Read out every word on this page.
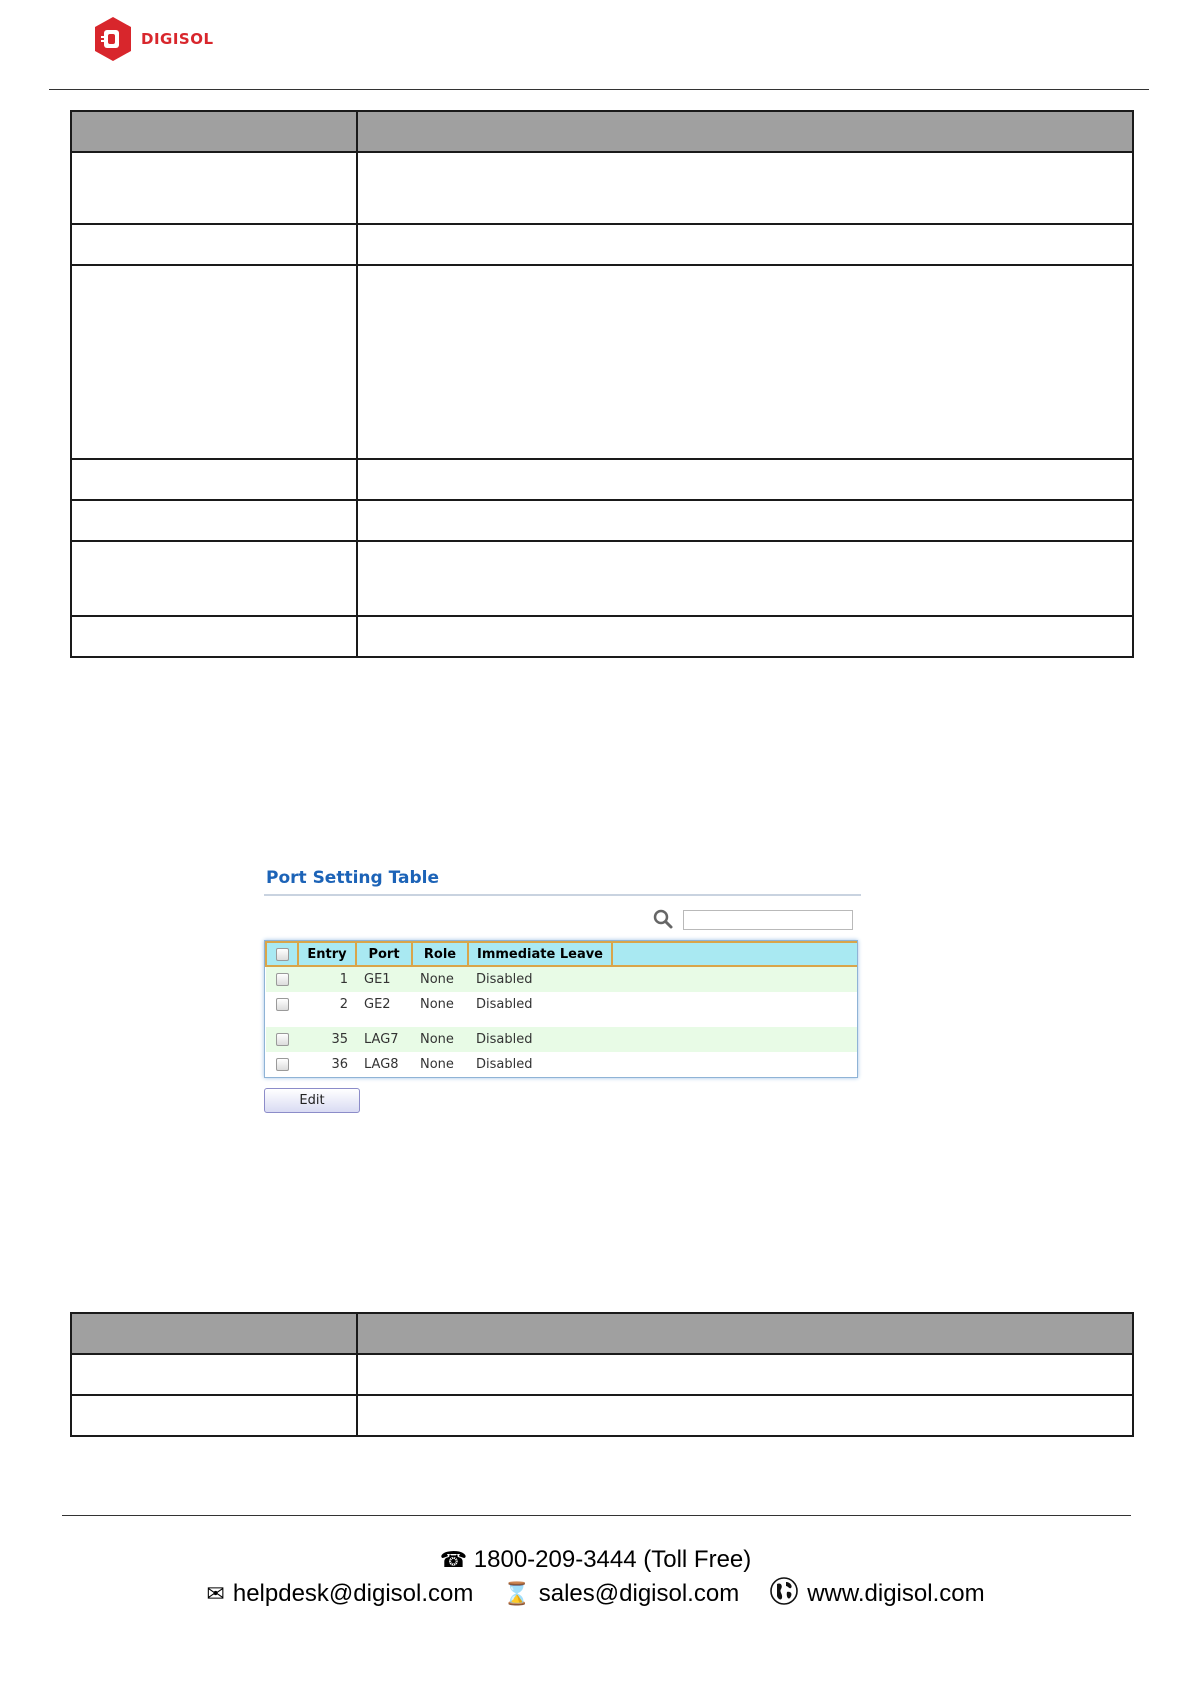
DIGISOL

Port Setting Table
	Entry	Port	Role	Immediate Leave	
	1	GE1	None	Disabled	
	2	GE2	None	Disabled	

	35	LAG7	None	Disabled	
	36	LAG8	None	Disabled	
Edit

☎ 1800-209-3444 (Toll Free)
✉ helpdesk@digisol.com ⌛ sales@digisol.com	www.digisol.com
